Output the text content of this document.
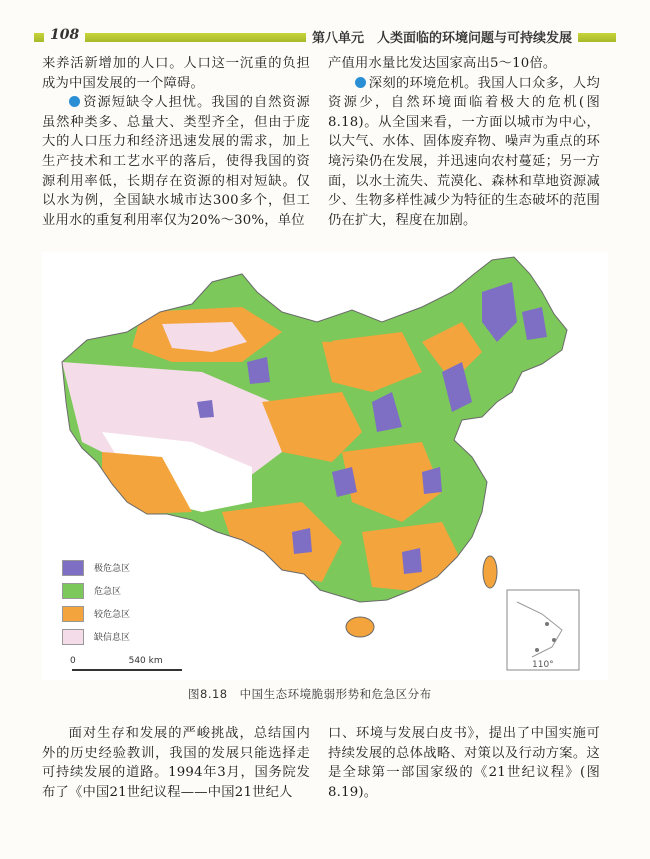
108	第八单元　人类面临的环境问题与可持续发展

来养活新增加的人口。人口这一沉重的负担成为中国发展的一个障碍。

资源短缺令人担忧。我国的自然资源虽然种类多、总量大、类型齐全，但由于庞大的人口压力和经济迅速发展的需求，加上生产技术和工艺水平的落后，使得我国的资源利用率低，长期存在资源的相对短缺。仅以水为例，全国缺水城市达300多个，但工业用水的重复利用率仅为20%～30%，单位

产值用水量比发达国家高出5～10倍。

深刻的环境危机。我国人口众多，人均资源少，自然环境面临着极大的危机(图8.18)。从全国来看，一方面以城市为中心，以大气、水体、固体废弃物、噪声为重点的环境污染仍在发展，并迅速向农村蔓延；另一方面，以水土流失、荒漠化、森林和草地资源减少、生物多样性减少为特征的生态破坏的范围仍在扩大，程度在加剧。

极危急区
危急区
较危急区
缺信息区
0	540 km	110°
图8.18　中国生态环境脆弱形势和危急区分布

面对生存和发展的严峻挑战，总结国内外的历史经验教训，我国的发展只能选择走可持续发展的道路。1994年3月，国务院发布了《中国21世纪议程——中国21世纪人

口、环境与发展白皮书》，提出了中国实施可持续发展的总体战略、对策以及行动方案。这是全球第一部国家级的《21世纪议程》(图8.19)。
